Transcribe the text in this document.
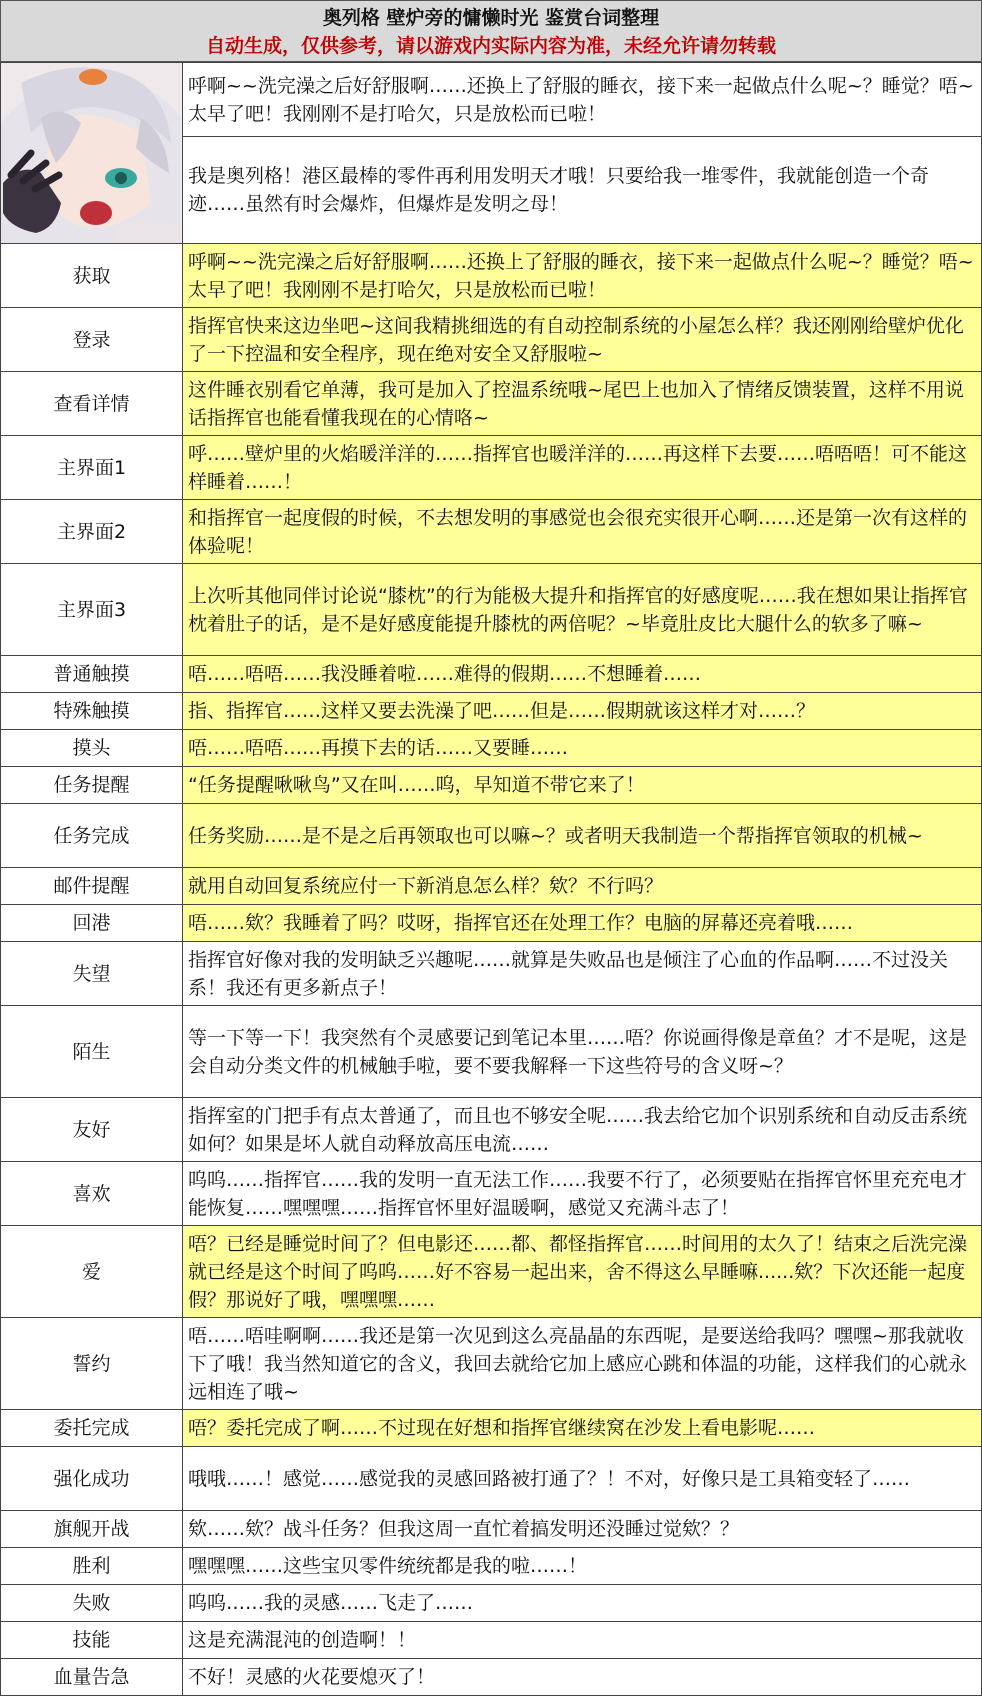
奥列格 壁炉旁的慵懒时光 鉴赏台词整理
自动生成，仅供参考，请以游戏内实际内容为准，未经允许请勿转载
	呼啊~~洗完澡之后好舒服啊……还换上了舒服的睡衣，接下来一起做点什么呢~？睡觉？唔~太早了吧！我刚刚不是打哈欠，只是放松而已啦！
	我是奥列格！港区最棒的零件再利用发明天才哦！只要给我一堆零件，我就能创造一个奇迹……虽然有时会爆炸，但爆炸是发明之母！
获取	呼啊~~洗完澡之后好舒服啊……还换上了舒服的睡衣，接下来一起做点什么呢~？睡觉？唔~太早了吧！我刚刚不是打哈欠，只是放松而已啦！
登录	指挥官快来这边坐吧~这间我精挑细选的有自动控制系统的小屋怎么样？我还刚刚给壁炉优化了一下控温和安全程序，现在绝对安全又舒服啦~
查看详情	这件睡衣别看它单薄，我可是加入了控温系统哦~尾巴上也加入了情绪反馈装置，这样不用说话指挥官也能看懂我现在的心情咯~
主界面1	呼……壁炉里的火焰暖洋洋的……指挥官也暖洋洋的……再这样下去要……唔唔唔！可不能这样睡着……！
主界面2	和指挥官一起度假的时候，不去想发明的事感觉也会很充实很开心啊……还是第一次有这样的体验呢！
主界面3	上次听其他同伴讨论说“膝枕”的行为能极大提升和指挥官的好感度呢……我在想如果让指挥官枕着肚子的话，是不是好感度能提升膝枕的两倍呢？~毕竟肚皮比大腿什么的软多了嘛~
普通触摸	唔……唔唔……我没睡着啦……难得的假期……不想睡着……
特殊触摸	指、指挥官……这样又要去洗澡了吧……但是……假期就该这样才对……？
摸头	唔……唔唔……再摸下去的话……又要睡……
任务提醒	“任务提醒啾啾鸟”又在叫……呜，早知道不带它来了！
任务完成	任务奖励……是不是之后再领取也可以嘛~？或者明天我制造一个帮指挥官领取的机械~
邮件提醒	就用自动回复系统应付一下新消息怎么样？欸？不行吗？
回港	唔……欸？我睡着了吗？哎呀，指挥官还在处理工作？电脑的屏幕还亮着哦……
失望	指挥官好像对我的发明缺乏兴趣呢……就算是失败品也是倾注了心血的作品啊……不过没关系！我还有更多新点子！
陌生	等一下等一下！我突然有个灵感要记到笔记本里……唔？你说画得像是章鱼？才不是呢，这是会自动分类文件的机械触手啦，要不要我解释一下这些符号的含义呀~？
友好	指挥室的门把手有点太普通了，而且也不够安全呢……我去给它加个识别系统和自动反击系统如何？如果是坏人就自动释放高压电流……
喜欢	呜呜……指挥官……我的发明一直无法工作……我要不行了，必须要贴在指挥官怀里充充电才能恢复……嘿嘿嘿……指挥官怀里好温暖啊，感觉又充满斗志了！
爱	唔？已经是睡觉时间了？但电影还……都、都怪指挥官……时间用的太久了！结束之后洗完澡就已经是这个时间了呜呜……好不容易一起出来，舍不得这么早睡嘛......欸？下次还能一起度假？那说好了哦，嘿嘿嘿……
誓约	唔……唔哇啊啊……我还是第一次见到这么亮晶晶的东西呢，是要送给我吗？嘿嘿~那我就收下了哦！我当然知道它的含义，我回去就给它加上感应心跳和体温的功能，这样我们的心就永远相连了哦~
委托完成	唔？委托完成了啊……不过现在好想和指挥官继续窝在沙发上看电影呢……
强化成功	哦哦……！感觉……感觉我的灵感回路被打通了？！不对，好像只是工具箱变轻了……
旗舰开战	欸……欸？战斗任务？但我这周一直忙着搞发明还没睡过觉欸？？
胜利	嘿嘿嘿……这些宝贝零件统统都是我的啦……！
失败	呜呜……我的灵感……飞走了……
技能	这是充满混沌的创造啊！！
血量告急	不好！灵感的火花要熄灭了！
